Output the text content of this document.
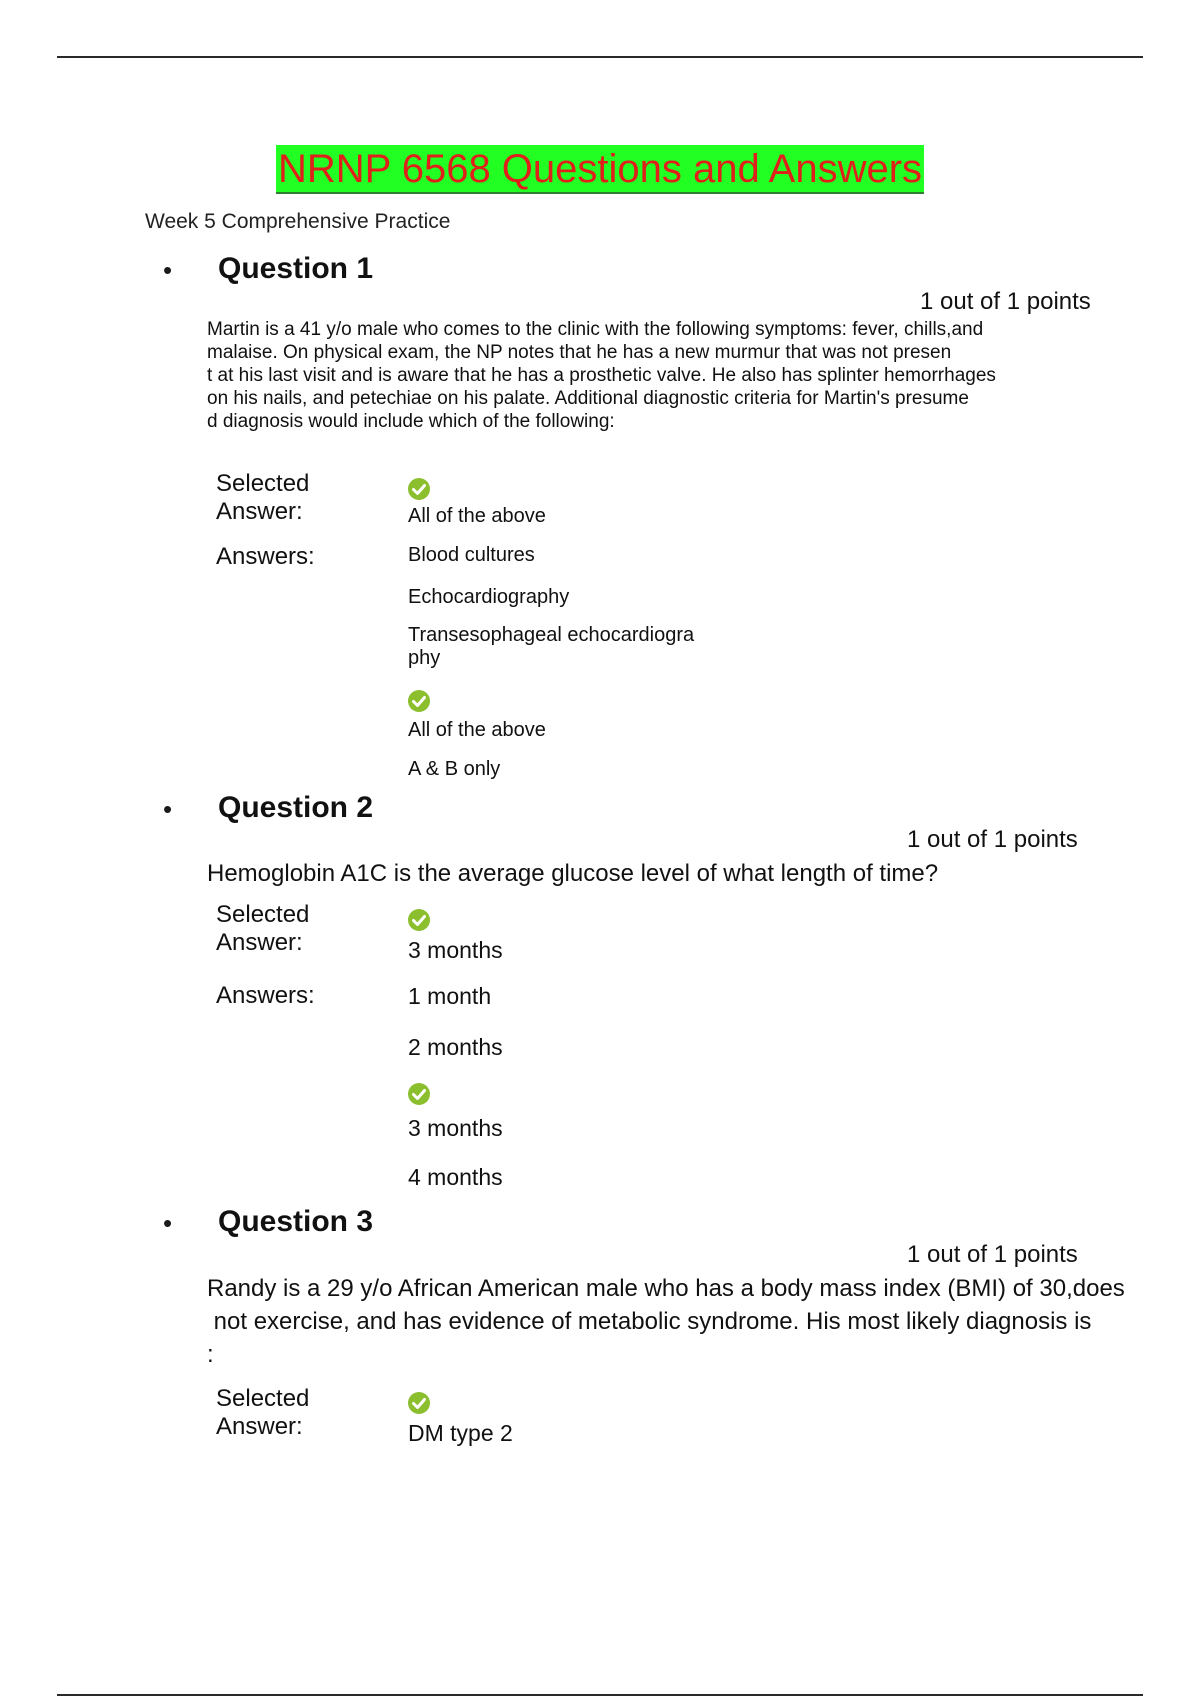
NRNP 6568 Questions and Answers
Week 5 Comprehensive Practice
• Question 1
1 out of 1 points
Martin is a 41 y/o male who comes to the clinic with the following symptoms: fever, chills,and
malaise. On physical exam, the NP notes that he has a new murmur that was not presen
t at his last visit and is aware that he has a prosthetic valve. He also has splinter hemorrhages
on his nails, and petechiae on his palate. Additional diagnostic criteria for Martin's presume
d diagnosis would include which of the following:
Selected
Answer:	All of the above
Answers:	Blood cultures
Echocardiography
Transesophageal echocardiogra
phy
All of the above
A & B only
• Question 2
1 out of 1 points
Hemoglobin A1C is the average glucose level of what length of time?
Selected
Answer:	3 months
Answers:	1 month
2 months
3 months
4 months
• Question 3
1 out of 1 points
Randy is a 29 y/o African American male who has a body mass index (BMI) of 30,does
not exercise, and has evidence of metabolic syndrome. His most likely diagnosis is
:
Selected
Answer:	DM type 2
